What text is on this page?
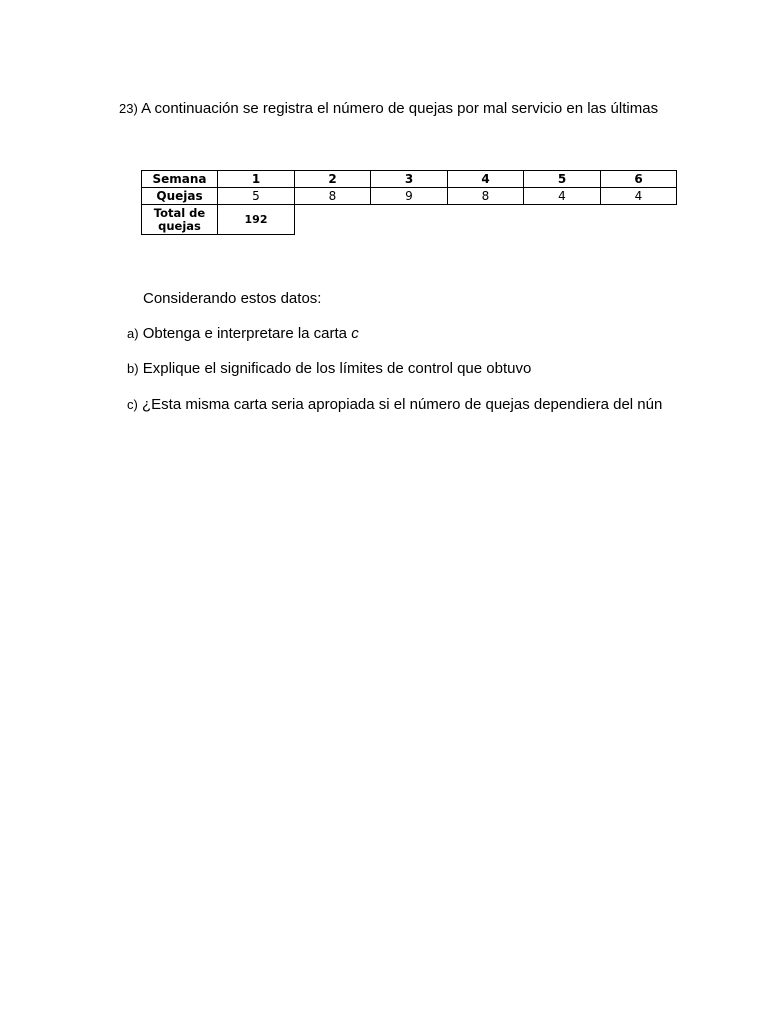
23) A continuación se registra el número de quejas por mal servicio en las últimas
Semana	1	2	3	4	5	6
Quejas	5	8	9	8	4	4

Total de
quejas	192					
Considerando estos datos:
a) Obtenga e interpretare la carta c
b) Explique el significado de los límites de control que obtuvo
c) ¿Esta misma carta seria apropiada si el número de quejas dependiera del nún
